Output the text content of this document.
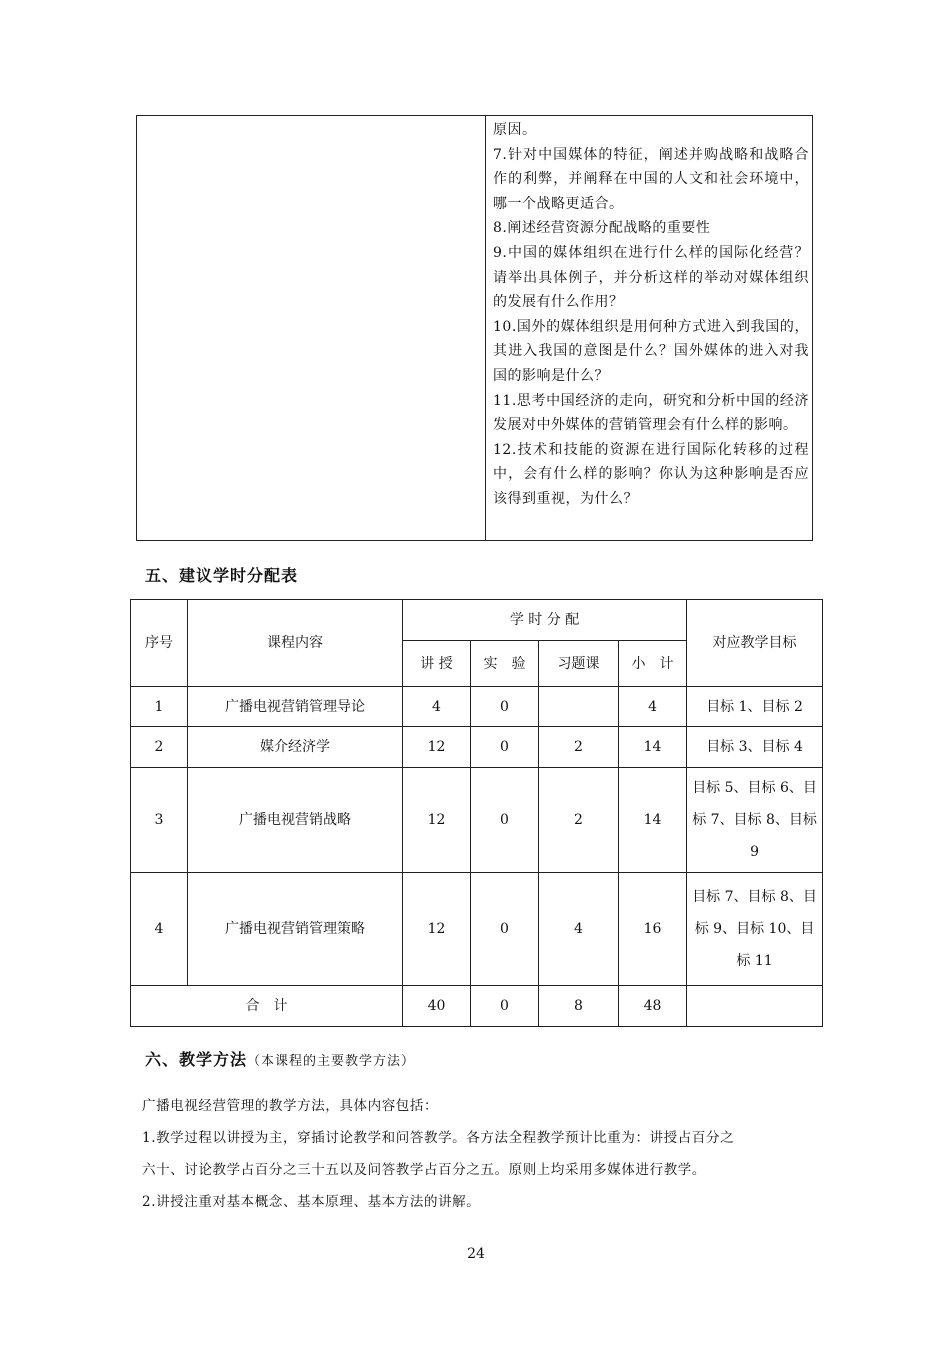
原因。

7.针对中国媒体的特征，阐述并购战略和战略合作的利弊，并阐释在中国的人文和社会环境中，哪一个战略更适合。

8.阐述经营资源分配战略的重要性

9.中国的媒体组织在进行什么样的国际化经营？请举出具体例子，并分析这样的举动对媒体组织的发展有什么作用？

10.国外的媒体组织是用何种方式进入到我国的，其进入我国的意图是什么？国外媒体的进入对我国的影响是什么？

11.思考中国经济的走向，研究和分析中国的经济发展对中外媒体的营销管理会有什么样的影响。

12.技术和技能的资源在进行国际化转移的过程中，会有什么样的影响？你认为这种影响是否应该得到重视，为什么？

五、建议学时分配表
序号	课程内容	学 时 分 配				对应教学目标
		讲 授	实　验	习题课	小　计	
1	广播电视营销管理导论	4	0		4	目标 1、目标 2
2	媒介经济学	12	0	2	14	目标 3、目标 4
3	广播电视营销战略	12	0	2	14	目标 5、目标 6、目标 7、目标 8、目标 9
4	广播电视营销管理策略	12	0	4	16	目标 7、目标 8、目标 9、目标 10、目标 11
合　计		40	0	8	48	
六、教学方法（本课程的主要教学方法）
广播电视经营管理的教学方法，具体内容包括：
1.教学过程以讲授为主，穿插讨论教学和问答教学。各方法全程教学预计比重为：讲授占百分之
六十、讨论教学占百分之三十五以及问答教学占百分之五。原则上均采用多媒体进行教学。
2.讲授注重对基本概念、基本原理、基本方法的讲解。
24
